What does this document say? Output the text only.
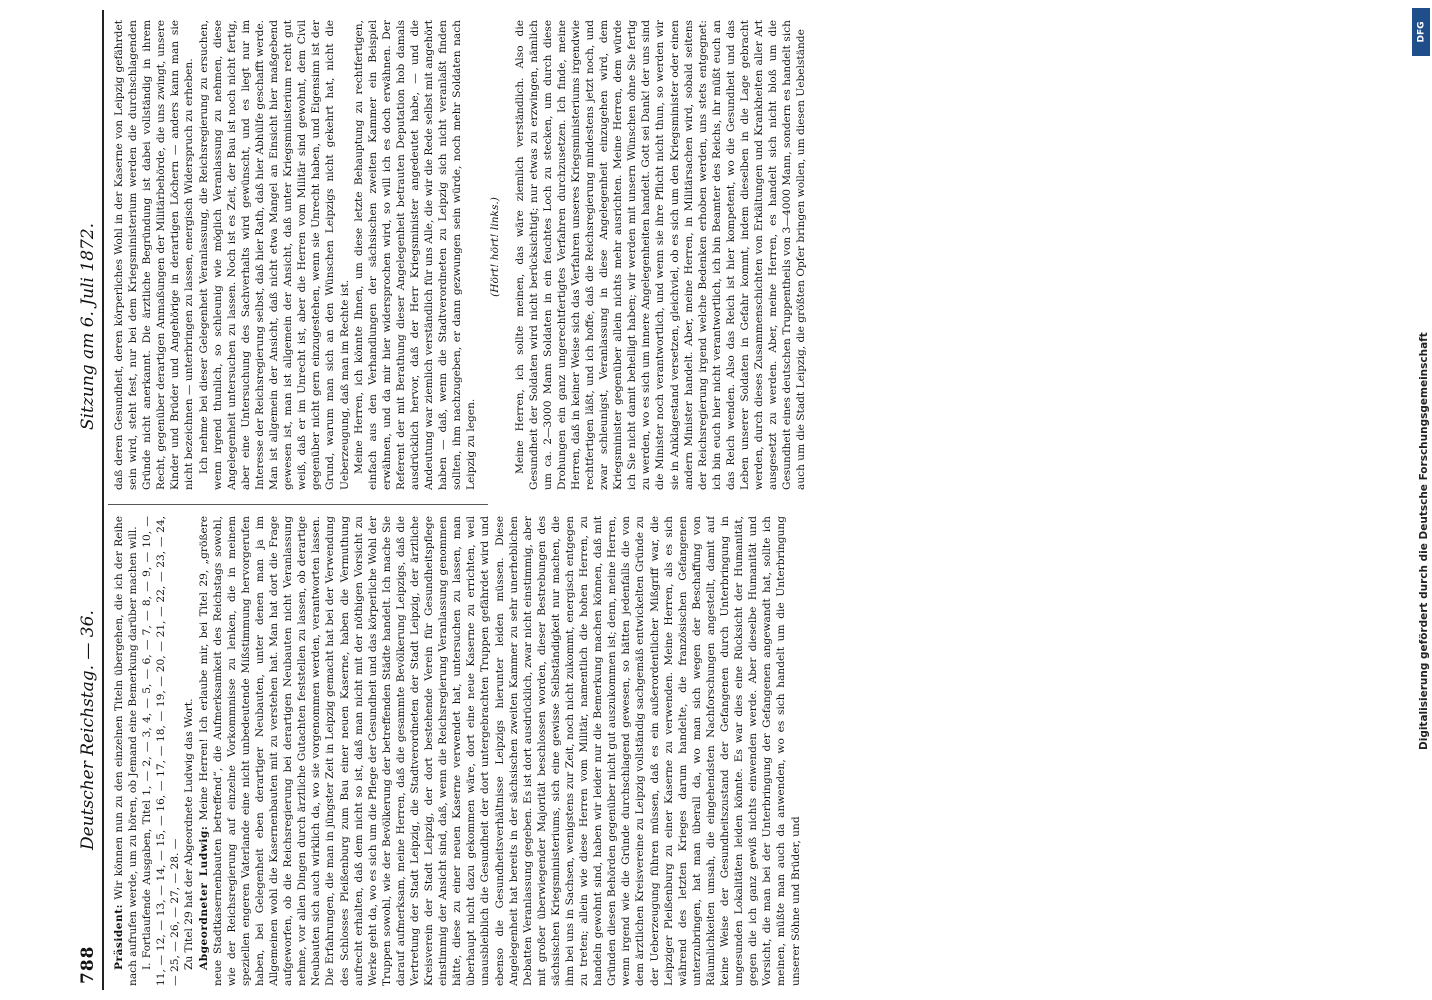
788
Deutscher Reichstag. — 36.
Sitzung am 6. Juli 1872.

Präsident: Wir können nun zu den einzelnen Titeln übergehen, die ich der Reihe nach aufrufen werde, um zu hören, ob Jemand eine Bemerkung darüber machen will. I. Fortlaufende Ausgaben, Titel 1, — 2, — 3, 4, — 5, — 6, — 7, — 8, — 9, — 10, — 11, — 12, — 13, — 14, — 15, — 16, — 17, — 18, — 19, — 20, — 21, — 22, — 23, — 24, — 25, — 26, — 27, — 28. — Zu Titel 29 hat der Abgeordnete Ludwig das Wort. Abgeordneter Ludwig: Meine Herren! Ich erlaube mir, bei Titel 29, „größere neue Stadtkasernenbauten betreffend“, die Aufmerksamkeit des Reichstags sowohl, wie der Reichsregierung auf einzelne Vorkommnisse zu lenken, die in meinem speziellen engeren Vaterlande eine nicht unbedeutende Mißstimmung hervorgerufen haben, bei Gelegenheit eben derartiger Neubauten, unter denen man ja im Allgemeinen wohl die Kasernenbauten mit zu verstehen hat. Man hat dort die Frage aufgeworfen, ob die Reichsregierung bei derartigen Neubauten nicht Veranlassung nehme, vor allen Dingen durch ärztliche Gutachten feststellen zu lassen, ob derartige Neubauten sich auch wirklich da, wo sie vorgenommen werden, verantworten lassen. Die Erfahrungen, die man in jüngster Zeit in Leipzig gemacht hat bei der Verwendung des Schlosses Pleißenburg zum Bau einer neuen Kaserne, haben die Vermuthung aufrecht erhalten, daß dem nicht so ist, daß man nicht mit der nöthigen Vorsicht zu Werke geht da, wo es sich um die Pflege der Gesundheit und das körperliche Wohl der Truppen sowohl, wie der Bevölkerung der betreffenden Städte handelt. Ich mache Sie darauf aufmerksam, meine Herren, daß die gesammte Bevölkerung Leipzigs, daß die Vertretung der Stadt Leipzig, die Stadtverordneten der Stadt Leipzig, der ärztliche Kreisverein der Stadt Leipzig, der dort bestehende Verein für Gesundheitspflege einstimmig der Ansicht sind, daß, wenn die Reichsregierung Veranlassung genommen hätte, diese zu einer neuen Kaserne verwendet hat, untersuchen zu lassen, man überhaupt nicht dazu gekommen wäre, dort eine neue Kaserne zu errichten, weil unausbleiblich die Gesundheit der dort untergebrachten Truppen gefährdet wird und ebenso die Gesundheitsverhältnisse Leipzigs hierunter leiden müssen. Diese Angelegenheit hat bereits in der sächsischen zweiten Kammer zu sehr unerheblichen Debatten Veranlassung gegeben. Es ist dort ausdrücklich, zwar nicht einstimmig, aber mit großer überwiegender Majorität beschlossen worden, dieser Bestrebungen des sächsischen Kriegsministeriums, sich eine gewisse Selbständigkeit nur machen, die ihm bei uns in Sachsen, wenigstens zur Zeit, noch nicht zukommt, energisch entgegen zu treten; allein wie diese Herren vom Militär, namentlich die hohen Herren, zu handeln gewohnt sind, haben wir leider nur die Bemerkung machen können, daß mit Gründen diesen Behörden gegenüber nicht gut auszukommen ist; denn, meine Herren, wenn irgend wie die Gründe durchschlagend gewesen, so hätten jedenfalls die von dem ärztlichen Kreisvereine zu Leipzig vollständig sachgemäß entwickelten Gründe zu der Ueberzeugung führen müssen, daß es ein außerordentlicher Mißgriff war, die Leipziger Pleißenburg zu einer Kaserne zu verwenden. Meine Herren, als es sich während des letzten Krieges darum handelte, die französischen Gefangenen unterzubringen, hat man überall da, wo man sich wegen der Beschaffung von Räumlichkeiten umsah, die eingehendsten Nachforschungen angestellt, damit auf keine Weise der Gesundheitszustand der Gefangenen durch Unterbringung in ungesunden Lokalitäten leiden könnte. Es war dies eine Rücksicht der Humanität, gegen die ich ganz gewiß nichts einwenden werde. Aber dieselbe Humanität und Vorsicht, die man bei der Unterbringung der Gefangenen angewandt hat, sollte ich meinen, müßte man auch da anwenden, wo es sich handelt um die Unterbringung unserer Söhne und Brüder, und

daß deren Gesundheit, deren körperliches Wohl in der Kaserne von Leipzig gefährdet sein wird, steht fest, nur bei dem Kriegsministerium werden die durchschlagenden Gründe nicht anerkannt. Die ärztliche Begründung ist dabei vollständig in ihrem Recht, gegenüber derartigen Anmaßungen der Militärbehörde, die uns zwingt, unsere Kinder und Brüder und Angehörige in derartigen Löchern — anders kann man sie nicht bezeichnen — unterbringen zu lassen, energisch Widerspruch zu erheben. Ich nehme bei dieser Gelegenheit Veranlassung, die Reichsregierung zu ersuchen, wenn irgend thunlich, so schleunig wie möglich Veranlassung zu nehmen, diese Angelegenheit untersuchen zu lassen. Noch ist es Zeit, der Bau ist noch nicht fertig, aber eine Untersuchung des Sachverhalts wird gewünscht, und es liegt nur im Interesse der Reichsregierung selbst, daß hier Rath, daß hier Abhülfe geschafft werde. Man ist allgemein der Ansicht, daß nicht etwa Mangel an Einsicht hier maßgebend gewesen ist, man ist allgemein der Ansicht, daß unter Kriegsministerium recht gut weiß, daß er im Unrecht ist, aber die Herren vom Militär sind gewohnt, dem Civil gegenüber nicht gern einzugestehen, wenn sie Unrecht haben, und Eigensinn ist der Grund, warum man sich an den Wünschen Leipzigs nicht gekehrt hat, nicht die Ueberzeugung, daß man im Rechte ist. Meine Herren, ich könnte Ihnen, um diese letzte Behauptung zu rechtfertigen, einfach aus den Verhandlungen der sächsischen zweiten Kammer ein Beispiel erwähnen, und da mir hier widersprochen wird, so will ich es doch erwähnen. Der Referent der mit Berathung dieser Angelegenheit betrauten Deputation hob damals ausdrücklich hervor, daß der Herr Kriegsminister angedeutet habe, — und die Andeutung war ziemlich verständlich für uns Alle, die wir die Rede selbst mit angehört haben — daß, wenn die Stadtverordneten zu Leipzig sich nicht veranlaßt finden sollten, ihm nachzugeben, er dann gezwungen sein würde, noch mehr Soldaten nach Leipzig zu legen.

(Hört! hört! links.) Meine Herren, ich sollte meinen, das wäre ziemlich verständlich. Also die Gesundheit der Soldaten wird nicht berücksichtigt; nur etwas zu erzwingen, nämlich um ca. 2—3000 Mann Soldaten in ein feuchtes Loch zu stecken, um durch diese Drohungen ein ganz ungerechtfertigtes Verfahren durchzusetzen. Ich finde, meine Herren, daß in keiner Weise sich das Verfahren unseres Kriegsministeriums irgendwie rechtfertigen läßt, und ich hoffe, daß die Reichsregierung mindestens jetzt noch, und zwar schleunigst, Veranlassung in diese Angelegenheit einzugehen wird, dem Kriegsminister gegenüber allein nichts mehr ausrichten. Meine Herren, dem würde ich Sie nicht damit behelligt haben; wir werden mit unsern Wünschen ohne Sie fertig zu werden, wo es sich um innere Angelegenheiten handelt. Gott sei Dank! der uns sind die Minister noch verantwortlich, und wenn sie ihre Pflicht nicht thun, so werden wir sie in Anklagestand versetzen, gleichviel, ob es sich um den Kriegsminister oder einen andern Minister handelt. Aber, meine Herren, in Militärsachen wird, sobald seitens der Reichsregierung irgend welche Bedenken erhoben werden, uns stets entgegnet: ich bin euch hier nicht verantwortlich, ich bin Beamter des Reichs, ihr müßt euch an das Reich wenden. Also das Reich ist hier kompetent, wo die Gesundheit und das Leben unserer Soldaten in Gefahr kommt, indem dieselben in die Lage gebracht werden, durch dieses Zusammenschichten von Erkältungen und Krankheiten aller Art ausgesetzt zu werden. Aber, meine Herren, es handelt sich nicht bloß um die Gesundheit eines deutschen Truppentheils von 3—4000 Mann, sondern es handelt sich auch um die Stadt Leipzig, die größten Opfer bringen wollen, um diesen Uebelstände

Digitalisierung gefördert durch die Deutsche Forschungsgemeinschaft
DFG
